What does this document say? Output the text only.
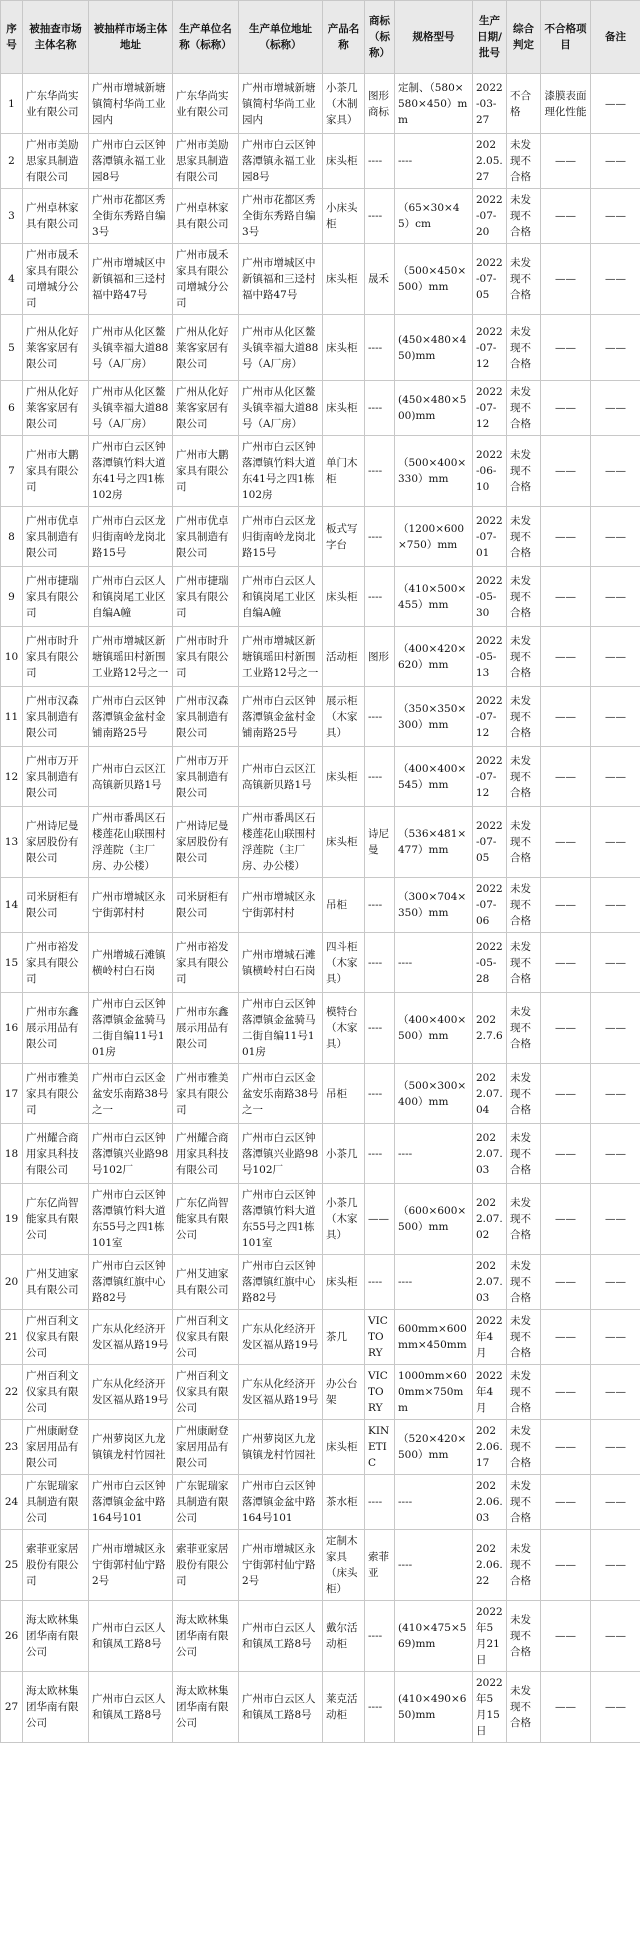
序号	被抽查市场主体名称	被抽样市场主体地址	生产单位名称（标称）	生产单位地址（标称）	产品名称	商标（标称）	规格型号	生产日期/批号	综合判定	不合格项目	备注
1	广东华尚实业有限公司	广州市增城新塘镇简村华尚工业园内	广东华尚实业有限公司	广州市增城新塘镇简村华尚工业园内	小茶几（木制家具）	图形商标	定制、（580×580×450）mm	2022-03-27	不合格	漆膜表面理化性能	——
2	广州市美励思家具制造有限公司	广州市白云区钟落潭镇永福工业园8号	广州市美励思家具制造有限公司	广州市白云区钟落潭镇永福工业园8号	床头柜	----	----	2022.05.27	未发现不合格	——	——
3	广州卓林家具有限公司	广州市花都区秀全街东秀路自编3号	广州卓林家具有限公司	广州市花都区秀全街东秀路自编3号	小床头柜	----	（65×30×45）cm	2022-07-20	未发现不合格	——	——
4	广州市晟禾家具有限公司增城分公司	广州市增城区中新镇福和三迳村福中路47号	广州市晟禾家具有限公司增城分公司	广州市增城区中新镇福和三迳村福中路47号	床头柜	晟禾	（500×450×500）mm	2022-07-05	未发现不合格	——	——
5	广州从化好莱客家居有限公司	广州市从化区鳌头镇幸福大道88号（A厂房）	广州从化好莱客家居有限公司	广州市从化区鳌头镇幸福大道88号（A厂房）	床头柜	----	(450×480×450)mm	2022-07-12	未发现不合格	——	——
6	广州从化好莱客家居有限公司	广州市从化区鳌头镇幸福大道88号（A厂房）	广州从化好莱客家居有限公司	广州市从化区鳌头镇幸福大道88号（A厂房）	床头柜	----	(450×480×500)mm	2022-07-12	未发现不合格	——	——
7	广州市大鹏家具有限公司	广州市白云区钟落潭镇竹料大道东41号之四1栋102房	广州市大鹏家具有限公司	广州市白云区钟落潭镇竹料大道东41号之四1栋102房	单门木柜	----	（500×400×330）mm	2022-06-10	未发现不合格	——	——
8	广州市优卓家具制造有限公司	广州市白云区龙归街南岭龙岗北路15号	广州市优卓家具制造有限公司	广州市白云区龙归街南岭龙岗北路15号	板式写字台	----	（1200×600×750）mm	2022-07-01	未发现不合格	——	——
9	广州市捷瑞家具有限公司	广州市白云区人和镇岗尾工业区自编A幢	广州市捷瑞家具有限公司	广州市白云区人和镇岗尾工业区自编A幢	床头柜	----	（410×500×455）mm	2022-05-30	未发现不合格	——	——
10	广州市时升家具有限公司	广州市增城区新塘镇瑶田村新围工业路12号之一	广州市时升家具有限公司	广州市增城区新塘镇瑶田村新围工业路12号之一	活动柜	图形	（400×420×620）mm	2022-05-13	未发现不合格	——	——
11	广州市汉森家具制造有限公司	广州市白云区钟落潭镇金盆村金铺南路25号	广州市汉森家具制造有限公司	广州市白云区钟落潭镇金盆村金铺南路25号	展示柜（木家具）	----	（350×350×300）mm	2022-07-12	未发现不合格	——	——
12	广州市万开家具制造有限公司	广州市白云区江高镇新贝路1号	广州市万开家具制造有限公司	广州市白云区江高镇新贝路1号	床头柜	----	（400×400×545）mm	2022-07-12	未发现不合格	——	——
13	广州诗尼曼家居股份有限公司	广州市番禺区石楼莲花山联围村浮莲院（主厂房、办公楼）	广州诗尼曼家居股份有限公司	广州市番禺区石楼莲花山联围村浮莲院（主厂房、办公楼）	床头柜	诗尼曼	（536×481×477）mm	2022-07-05	未发现不合格	——	——
14	司米厨柜有限公司	广州市增城区永宁街郭村村	司米厨柜有限公司	广州市增城区永宁街郭村村	吊柜	----	（300×704×350）mm	2022-07-06	未发现不合格	——	——
15	广州市裕发家具有限公司	广州增城石滩镇横岭村白石岗	广州市裕发家具有限公司	广州市增城石滩镇横岭村白石岗	四斗柜（木家具）	----	----	2022-05-28	未发现不合格	——	——
16	广州市东鑫展示用品有限公司	广州市白云区钟落潭镇金盆骑马二街自编11号101房	广州市东鑫展示用品有限公司	广州市白云区钟落潭镇金盆骑马二街自编11号101房	模特台（木家具）	----	（400×400×500）mm	2022.7.6	未发现不合格	——	——
17	广州市雅美家具有限公司	广州市白云区金盆安乐南路38号之一	广州市雅美家具有限公司	广州市白云区金盆安乐南路38号之一	吊柜	----	（500×300×400）mm	2022.07.04	未发现不合格	——	——
18	广州耀合商用家具科技有限公司	广州市白云区钟落潭镇兴业路98号102厂	广州耀合商用家具科技有限公司	广州市白云区钟落潭镇兴业路98号102厂	小茶几	----	----	2022.07.03	未发现不合格	——	——
19	广东亿尚智能家具有限公司	广州市白云区钟落潭镇竹料大道东55号之四1栋101室	广东亿尚智能家具有限公司	广州市白云区钟落潭镇竹料大道东55号之四1栋101室	小茶几（木家具）	——	（600×600×500）mm	2022.07.02	未发现不合格	——	——
20	广州艾迪家具有限公司	广州市白云区钟落潭镇红旗中心路82号	广州艾迪家具有限公司	广州市白云区钟落潭镇红旗中心路82号	床头柜	----	----	2022.07.03	未发现不合格	——	——
21	广州百利文仪家具有限公司	广东从化经济开发区福从路19号	广州百利文仪家具有限公司	广东从化经济开发区福从路19号	茶几	VICTORY	600mm×600mm×450mm	2022年4月	未发现不合格	——	——
22	广州百利文仪家具有限公司	广东从化经济开发区福从路19号	广州百利文仪家具有限公司	广东从化经济开发区福从路19号	办公台架	VICTORY	1000mm×600mm×750mm	2022年4月	未发现不合格	——	——
23	广州康耐登家居用品有限公司	广州萝岗区九龙镇镇龙村竹园社	广州康耐登家居用品有限公司	广州萝岗区九龙镇镇龙村竹园社	床头柜	KINETIC	（520×420×500）mm	2022.06.17	未发现不合格	——	——
24	广东铌瑞家具制造有限公司	广州市白云区钟落潭镇金盆中路164号101	广东铌瑞家具制造有限公司	广州市白云区钟落潭镇金盆中路164号101	茶水柜	----	----	2022.06.03	未发现不合格	——	——
25	索菲亚家居股份有限公司	广州市增城区永宁街郭村仙宁路2号	索菲亚家居股份有限公司	广州市增城区永宁街郭村仙宁路2号	定制木家具（床头柜）	索菲亚	----	2022.06.22	未发现不合格	——	——
26	海太欧林集团华南有限公司	广州市白云区人和镇凤工路8号	海太欧林集团华南有限公司	广州市白云区人和镇凤工路8号	戴尔活动柜	----	(410×475×569)mm	2022年5月21日	未发现不合格	——	——
27	海太欧林集团华南有限公司	广州市白云区人和镇凤工路8号	海太欧林集团华南有限公司	广州市白云区人和镇凤工路8号	莱克活动柜	----	(410×490×650)mm	2022年5月15日	未发现不合格	——	——
